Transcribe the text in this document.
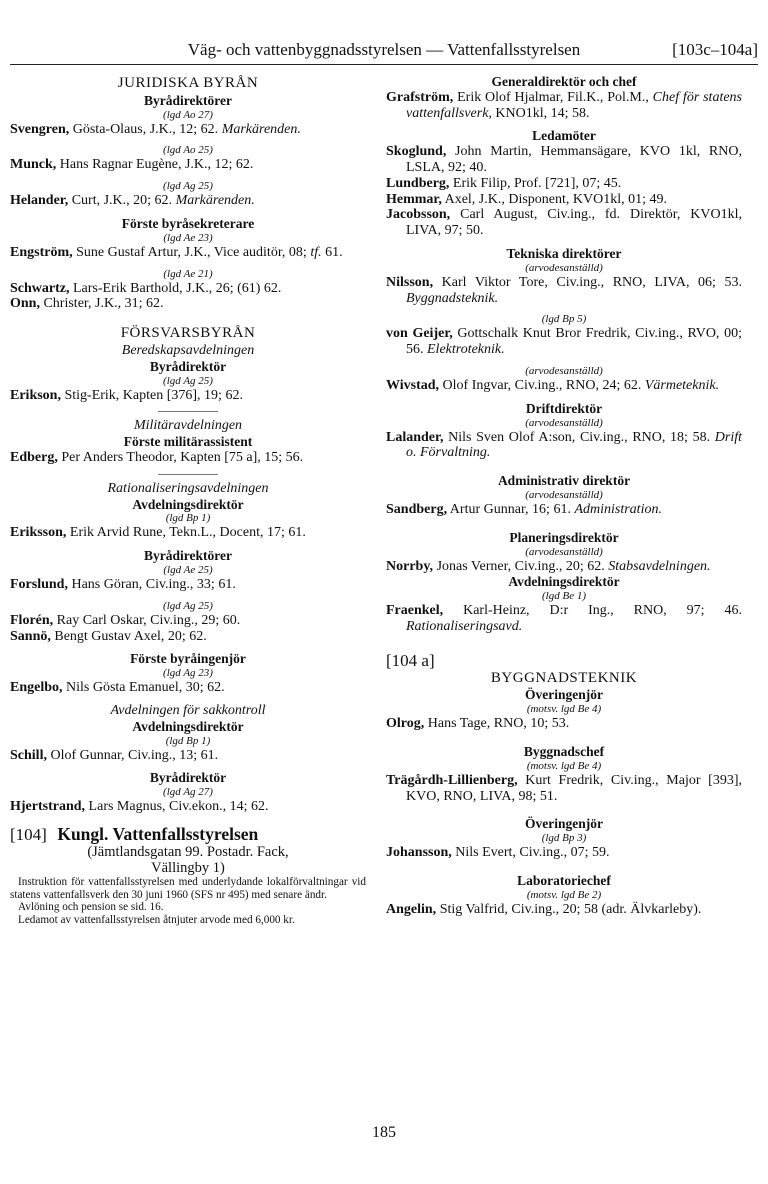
Väg- och vattenbyggnadsstyrelsen — Vattenfallsstyrelsen	[103c–104a]
JURIDISKA BYRÅN
Byrådirektörer
(lgd Ao 27)
Svengren, Gösta-Olaus, J.K., 12; 62. Markärenden.
(lgd Ao 25)
Munck, Hans Ragnar Eugène, J.K., 12; 62.
(lgd Ag 25)
Helander, Curt, J.K., 20; 62. Markärenden.
Förste byråsekreterare
(lgd Ae 23)
Engström, Sune Gustaf Artur, J.K., Vice auditör, 08; tf. 61.
(lgd Ae 21)
Schwartz, Lars-Erik Barthold, J.K., 26; (61) 62.
Onn, Christer, J.K., 31; 62.
FÖRSVARSBYRÅN
Beredskapsavdelningen
Byrådirektör
(lgd Ag 25)
Erikson, Stig-Erik, Kapten [376], 19; 62.
Militäravdelningen
Förste militärassistent
Edberg, Per Anders Theodor, Kapten [75 a], 15; 56.
Rationaliseringsavdelningen
Avdelningsdirektör
(lgd Bp 1)
Eriksson, Erik Arvid Rune, Tekn.L., Docent, 17; 61.
Byrådirektörer
(lgd Ae 25)
Forslund, Hans Göran, Civ.ing., 33; 61.
(lgd Ag 25)
Florén, Ray Carl Oskar, Civ.ing., 29; 60.
Sannö, Bengt Gustav Axel, 20; 62.
Förste byråingenjör
(lgd Ag 23)
Engelbo, Nils Gösta Emanuel, 30; 62.
Avdelningen för sakkontroll
Avdelningsdirektör
(lgd Bp 1)
Schill, Olof Gunnar, Civ.ing., 13; 61.
Byrådirektör
(lgd Ag 27)
Hjertstrand, Lars Magnus, Civ.ekon., 14; 62.
[104] Kungl. Vattenfallsstyrelsen
(Jämtlandsgatan 99. Postadr. Fack,
Vällingby 1)
Instruktion för vattenfallsstyrelsen med underlydande lokalförvaltningar vid statens vattenfallsverk den 30 juni 1960 (SFS nr 495) med senare ändr.
Avlöning och pension se sid. 16.
Ledamot av vattenfallsstyrelsen åtnjuter arvode med 6,000 kr.
Generaldirektör och chef
Grafström, Erik Olof Hjalmar, Fil.K., Pol.M., Chef för statens vattenfallsverk, KNO1kl, 14; 58.
Ledamöter
Skoglund, John Martin, Hemmansägare, KVO 1kl, RNO, LSLA, 92; 40.
Lundberg, Erik Filip, Prof. [721], 07; 45.
Hemmar, Axel, J.K., Disponent, KVO1kl, 01; 49.
Jacobsson, Carl August, Civ.ing., fd. Direktör, KVO1kl, LIVA, 97; 50.
Tekniska direktörer
(arvodesanställd)
Nilsson, Karl Viktor Tore, Civ.ing., RNO, LIVA, 06; 53. Byggnadsteknik.
(lgd Bp 5)
von Geijer, Gottschalk Knut Bror Fredrik, Civ.ing., RVO, 00; 56. Elektroteknik.
(arvodesanställd)
Wivstad, Olof Ingvar, Civ.ing., RNO, 24; 62. Värmeteknik.
Driftdirektör
(arvodesanställd)
Lalander, Nils Sven Olof A:son, Civ.ing., RNO, 18; 58. Drift o. Förvaltning.
Administrativ direktör
(arvodesanställd)
Sandberg, Artur Gunnar, 16; 61. Administration.
Planeringsdirektör
(arvodesanställd)
Norrby, Jonas Verner, Civ.ing., 20; 62. Stabsavdelningen.
Avdelningsdirektör
(lgd Be 1)
Fraenkel, Karl-Heinz, D:r Ing., RNO, 97; 46. Rationaliseringsavd.
[104 a]
BYGGNADSTEKNIK
Överingenjör
(motsv. lgd Be 4)
Olrog, Hans Tage, RNO, 10; 53.
Byggnadschef
(motsv. lgd Be 4)
Trägårdh-Lillienberg, Kurt Fredrik, Civ.ing., Major [393], KVO, RNO, LIVA, 98; 51.
Överingenjör
(lgd Bp 3)
Johansson, Nils Evert, Civ.ing., 07; 59.
Laboratoriechef
(motsv. lgd Be 2)
Angelin, Stig Valfrid, Civ.ing., 20; 58 (adr. Älvkarleby).
185
